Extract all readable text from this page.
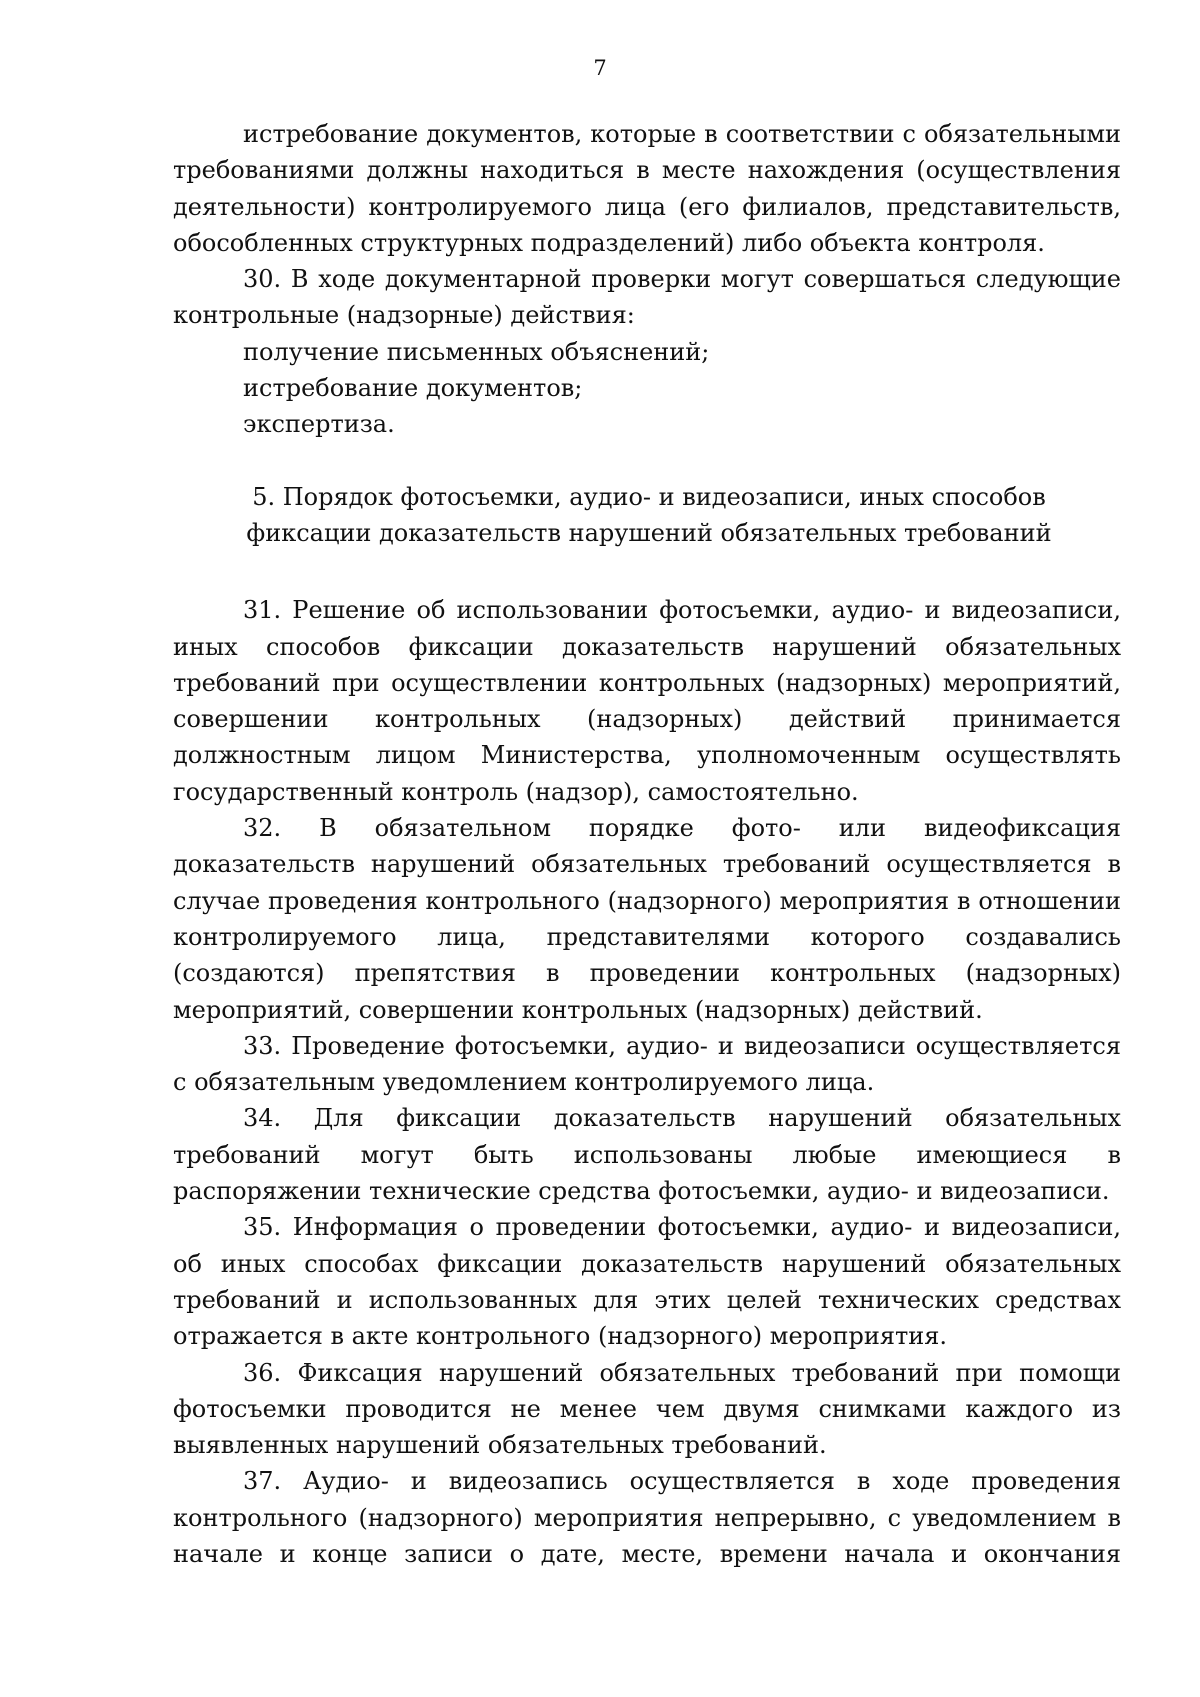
7

истребование документов, которые в соответствии с обязательными требованиями должны находиться в месте нахождения (осуществления деятельности) контролируемого лица (его филиалов, представительств, обособленных структурных подразделений) либо объекта контроля.

30. В ходе документарной проверки могут совершаться следующие контрольные (надзорные) действия:

получение письменных объяснений;
истребование документов;
экспертиза.
5. Порядок фотосъемки, аудио- и видеозаписи, иных способов
фиксации доказательств нарушений обязательных требований

31. Решение об использовании фотосъемки, аудио- и видеозаписи, иных способов фиксации доказательств нарушений обязательных требований при осуществлении контрольных (надзорных) мероприятий, совершении контрольных (надзорных) действий принимается должностным лицом Министерства, уполномоченным осуществлять государственный контроль (надзор), самостоятельно.

32. В обязательном порядке фото- или видеофиксация доказательств нарушений обязательных требований осуществляется в случае проведения контрольного (надзорного) мероприятия в отношении контролируемого лица, представителями которого создавались (создаются) препятствия в проведении контрольных (надзорных) мероприятий, совершении контрольных (надзорных) действий.

33. Проведение фотосъемки, аудио- и видеозаписи осуществляется с обязательным уведомлением контролируемого лица.

34. Для фиксации доказательств нарушений обязательных требований могут быть использованы любые имеющиеся в распоряжении технические средства фотосъемки, аудио- и видеозаписи.

35. Информация о проведении фотосъемки, аудио- и видеозаписи, об иных способах фиксации доказательств нарушений обязательных требований и использованных для этих целей технических средствах отражается в акте контрольного (надзорного) мероприятия.

36. Фиксация нарушений обязательных требований при помощи фотосъемки проводится не менее чем двумя снимками каждого из выявленных нарушений обязательных требований.

37. Аудио- и видеозапись осуществляется в ходе проведения контрольного (надзорного) мероприятия непрерывно, с уведомлением в начале и конце записи о дате, месте, времени начала и окончания
